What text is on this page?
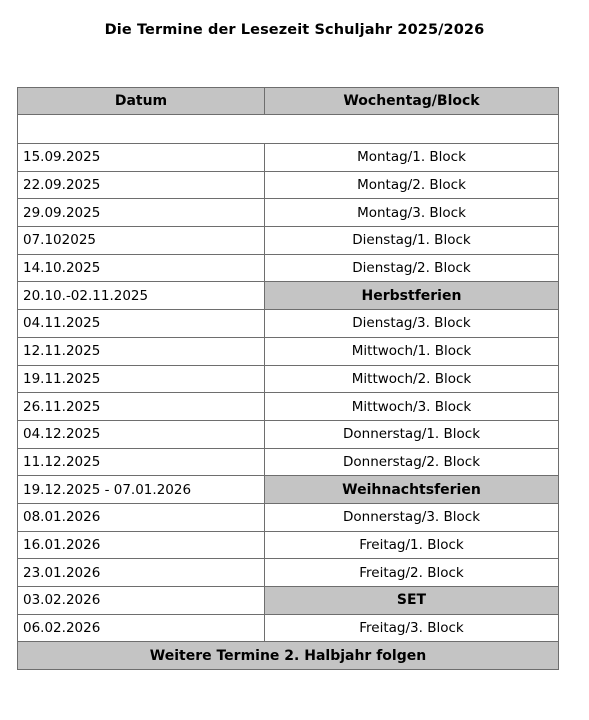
Die Termine der Lesezeit Schuljahr 2025/2026
Datum	Wochentag/Block

15.09.2025	Montag/1. Block
22.09.2025	Montag/2. Block
29.09.2025	Montag/3. Block
07.102025	Dienstag/1. Block
14.10.2025	Dienstag/2. Block
20.10.-02.11.2025	Herbstferien
04.11.2025	Dienstag/3. Block
12.11.2025	Mittwoch/1. Block
19.11.2025	Mittwoch/2. Block
26.11.2025	Mittwoch/3. Block
04.12.2025	Donnerstag/1. Block
11.12.2025	Donnerstag/2. Block
19.12.2025 - 07.01.2026	Weihnachtsferien
08.01.2026	Donnerstag/3. Block
16.01.2026	Freitag/1. Block
23.01.2026	Freitag/2. Block
03.02.2026	SET
06.02.2026	Freitag/3. Block
Weitere Termine 2. Halbjahr folgen	
